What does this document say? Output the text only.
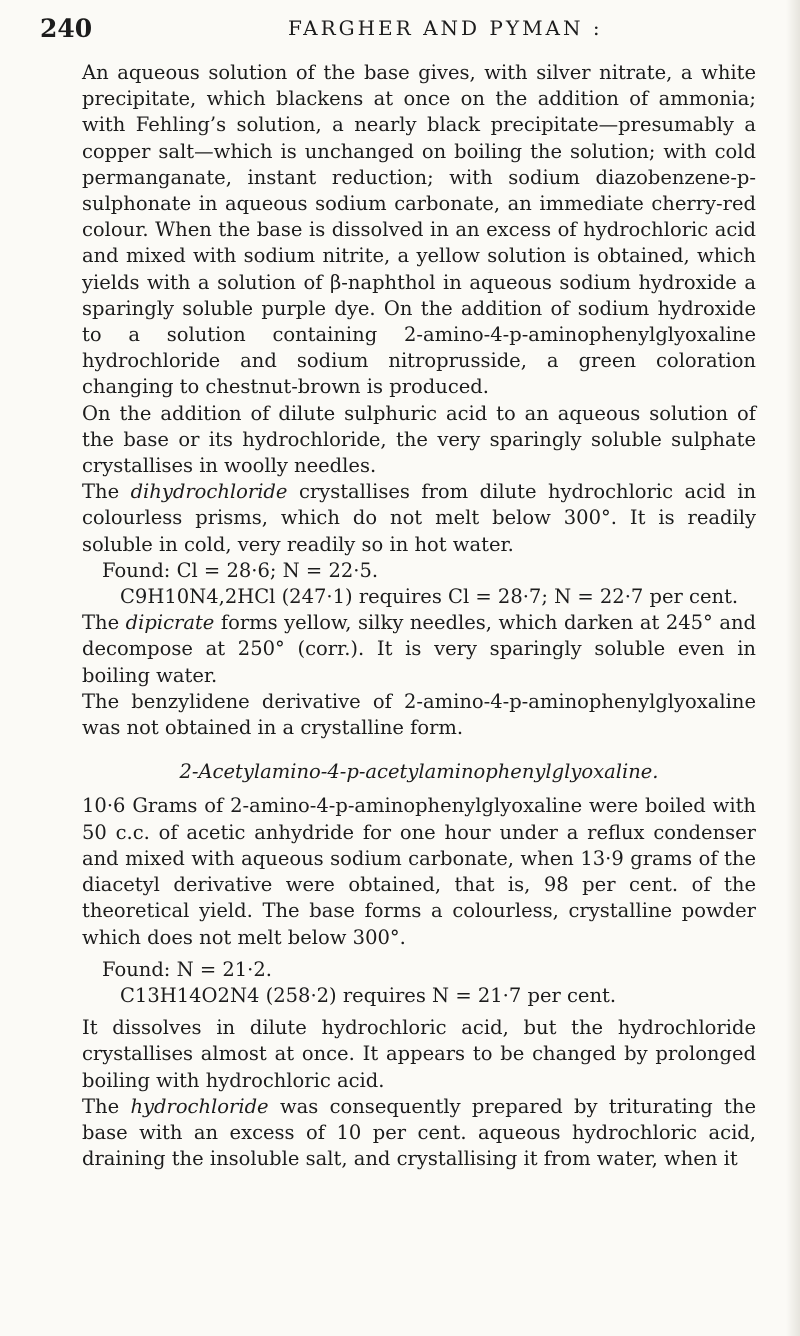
240	FARGHER AND PYMAN :

An aqueous solution of the base gives, with silver nitrate, a white precipitate, which blackens at once on the addition of ammonia; with Fehling’s solution, a nearly black precipitate—presumably a copper salt—which is unchanged on boiling the solution; with cold permanganate, instant reduction; with sodium diazobenzene-p-sulphonate in aqueous sodium carbonate, an immediate cherry-red colour. When the base is dissolved in an excess of hydrochloric acid and mixed with sodium nitrite, a yellow solution is obtained, which yields with a solution of β-naphthol in aqueous sodium hydroxide a sparingly soluble purple dye. On the addition of sodium hydroxide to a solution containing 2-amino-4-p-aminophenylglyoxaline hydrochloride and sodium nitroprusside, a green coloration changing to chestnut-brown is produced.

On the addition of dilute sulphuric acid to an aqueous solution of the base or its hydrochloride, the very sparingly soluble sulphate crystallises in woolly needles.

The dihydrochloride crystallises from dilute hydrochloric acid in colourless prisms, which do not melt below 300°. It is readily soluble in cold, very readily so in hot water.

Found: Cl = 28·6; N = 22·5.

C9H10N4,2HCl (247·1) requires Cl = 28·7; N = 22·7 per cent.

The dipicrate forms yellow, silky needles, which darken at 245° and decompose at 250° (corr.). It is very sparingly soluble even in boiling water.

The benzylidene derivative of 2-amino-4-p-aminophenylglyoxaline was not obtained in a crystalline form.

2-Acetylamino-4-p-acetylaminophenylglyoxaline.

10·6 Grams of 2-amino-4-p-aminophenylglyoxaline were boiled with 50 c.c. of acetic anhydride for one hour under a reflux condenser and mixed with aqueous sodium carbonate, when 13·9 grams of the diacetyl derivative were obtained, that is, 98 per cent. of the theoretical yield. The base forms a colourless, crystalline powder which does not melt below 300°.

Found: N = 21·2.

C13H14O2N4 (258·2) requires N = 21·7 per cent.

It dissolves in dilute hydrochloric acid, but the hydrochloride crystallises almost at once. It appears to be changed by prolonged boiling with hydrochloric acid.

The hydrochloride was consequently prepared by triturating the base with an excess of 10 per cent. aqueous hydrochloric acid, draining the insoluble salt, and crystallising it from water, when it
